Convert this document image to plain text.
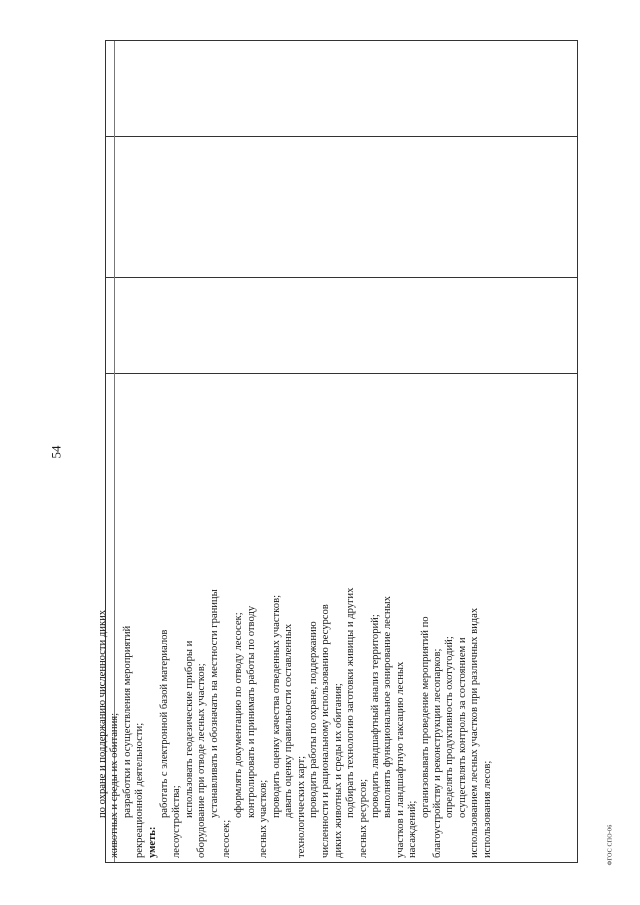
54
по охране и поддержанию численности диких животных и среды их обитания; разработки и осуществления мероприятий рекреационной деятельности; уметь:
работать с электронной базой материалов
лесоустройства;
использовать геодезические приборы и оборудование при отводе лесных участков; устанавливать и обозначать на местности границы
лесосек;
оформлять документацию по отводу лесосек; контролировать и принимать работы по отводу
лесных участков;
проводить оценку качества отведенных участков; давать оценку правильности составленных технологических карт; проводить работы по охране, поддержанию численности и рациональному использованию ресурсов диких животных и среды их обитания; подбирать технологию заготовки живицы и других
лесных ресурсов;
проводить ландшафтный анализ территорий; выполнять функциональное зонирование лесных участков и ландшафтную таксацию лесных насаждений;
организовывать проведение мероприятий по благоустройству и реконструкции лесопарков; определять продуктивность охотугодий; осуществлять контроль за состоянием и использованием лесных участков при различных видах использования лесов;	ФГОС СПО-06
